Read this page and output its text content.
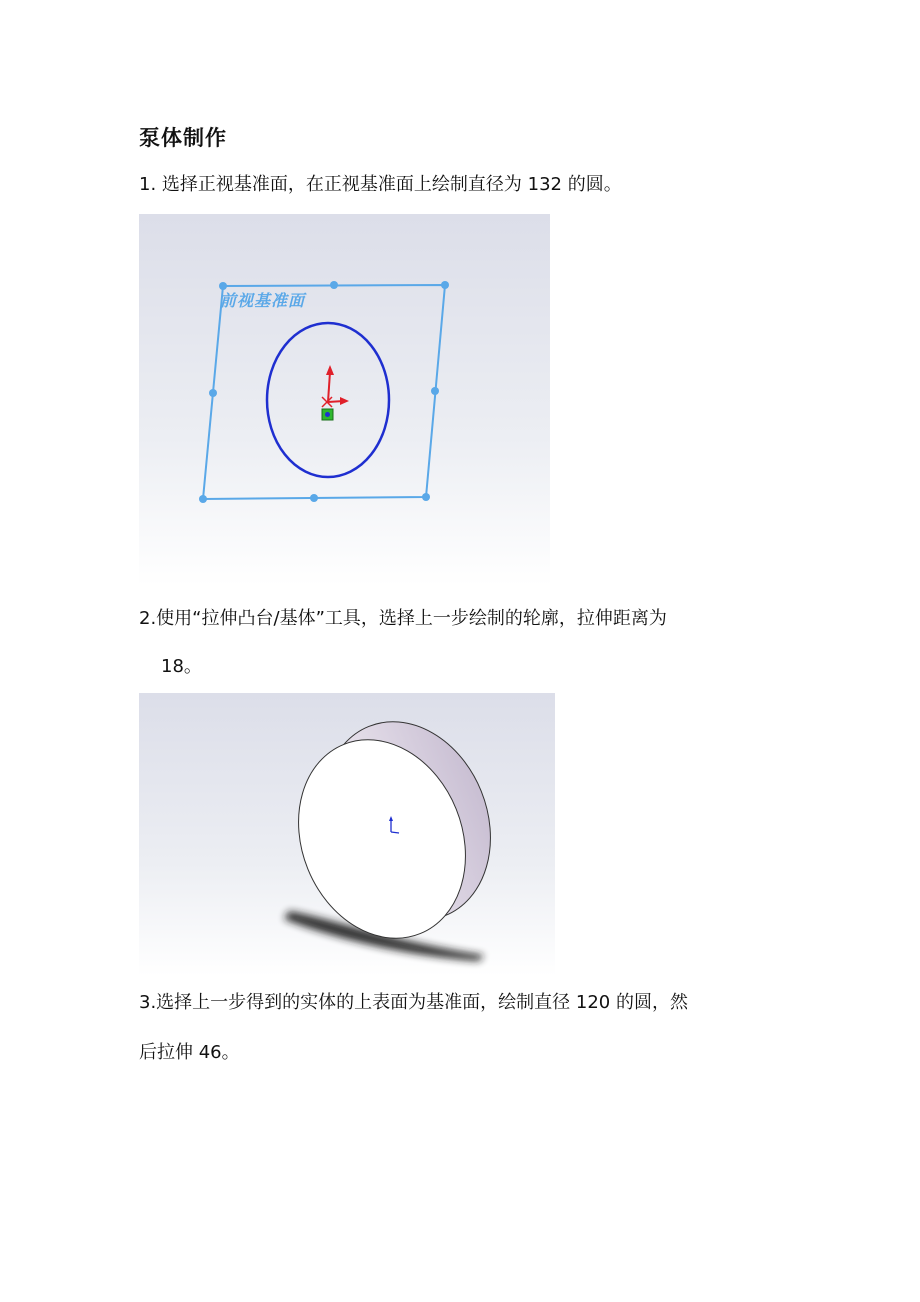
泵体制作
1. 选择正视基准面，在正视基准面上绘制直径为 132 的圆。
前视基准面
2.使用“拉伸凸台/基体”工具，选择上一步绘制的轮廓，拉伸距离为
18。
3.选择上一步得到的实体的上表面为基准面，绘制直径 120 的圆，然
后拉伸 46。
